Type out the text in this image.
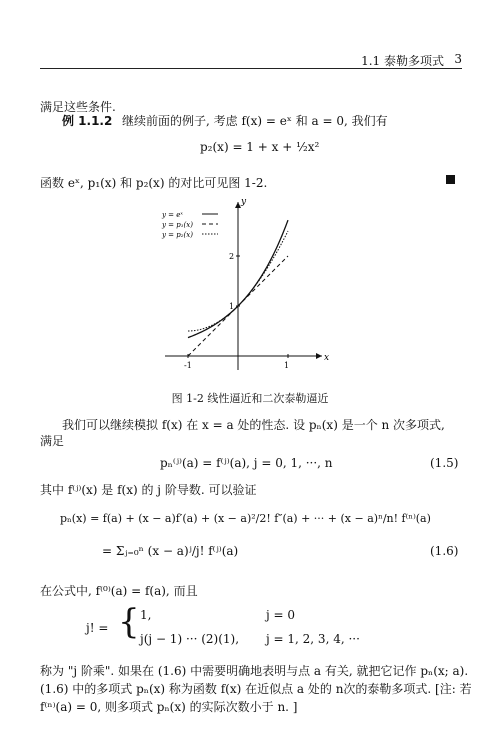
1.1 泰勒多项式 3
满足这些条件.
例 1.1.2 继续前面的例子, 考虑 f(x) = eˣ 和 a = 0, 我们有
p₂(x) = 1 + x + ½x²
函数 eˣ, p₁(x) 和 p₂(x) 的对比可见图 1-2.
x
y
-1	1
1
2
y = eˣ
y = p₁(x)
y = p₂(x)
图 1-2 线性逼近和二次泰勒逼近
我们可以继续模拟 f(x) 在 x = a 处的性态. 设 pₙ(x) 是一个 n 次多项式,
满足
pₙ⁽ʲ⁾(a) = f⁽ʲ⁾(a), j = 0, 1, ···, n	(1.5)
其中 f⁽ʲ⁾(x) 是 f(x) 的 j 阶导数. 可以验证
pₙ(x) = f(a) + (x − a)f′(a) + (x − a)²/2! f″(a) + ··· + (x − a)ⁿ/n! f⁽ⁿ⁾(a)
= Σⱼ₌₀ⁿ (x − a)ʲ/j! f⁽ʲ⁾(a)	(1.6)
在公式中, f⁽⁰⁾(a) = f(a), 而且
j! = { 1,	j = 0
j(j − 1) ··· (2)(1), j = 1, 2, 3, 4, ···
称为 "j 阶乘". 如果在 (1.6) 中需要明确地表明与点 a 有关, 就把它记作 pₙ(x; a).
(1.6) 中的多项式 pₙ(x) 称为函数 f(x) 在近似点 a 处的 n次的泰勒多项式. [注: 若
f⁽ⁿ⁾(a) = 0, 则多项式 pₙ(x) 的实际次数小于 n. ]
